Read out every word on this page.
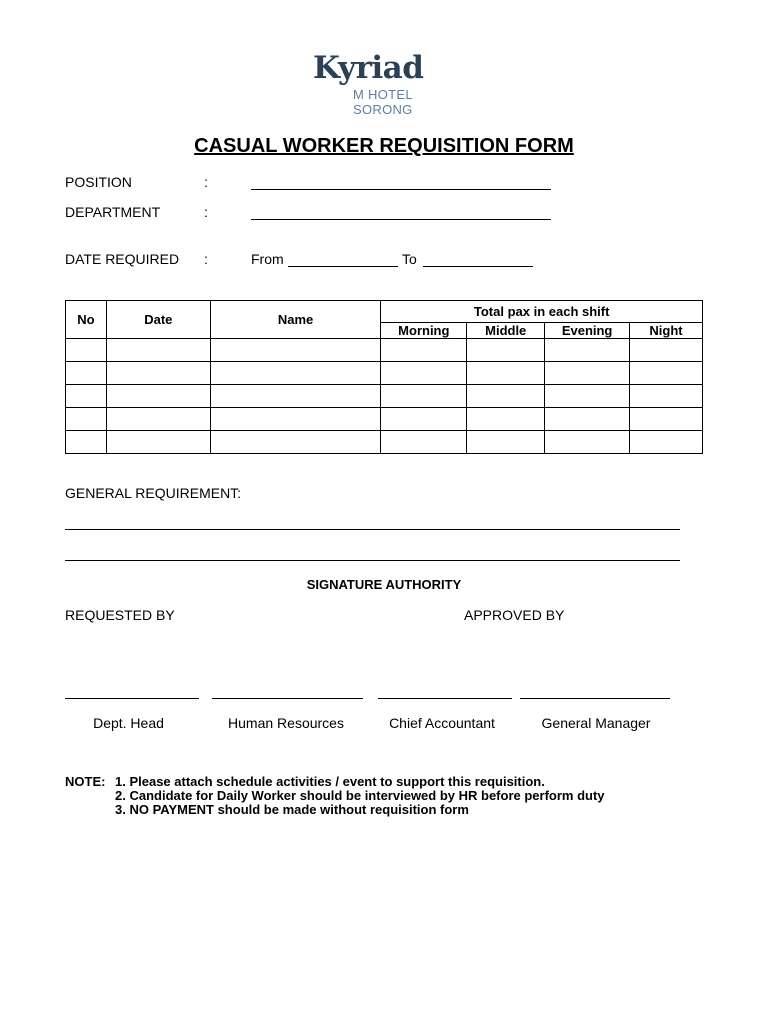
Kyriad
M HOTEL SORONG
CASUAL WORKER REQUISITION FORM
POSITION	:
DEPARTMENT	:
DATE REQUIRED :	From	To
No	Date	Name	Total pax in each shift			
			Morning	Middle	Evening	Night

GENERAL REQUIREMENT:
SIGNATURE AUTHORITY
REQUESTED BY	APPROVED BY
Dept. Head	Human Resources	Chief Accountant	General Manager
NOTE: 1. Please attach schedule activities / event to support this requisition.
2. Candidate for Daily Worker should be interviewed by HR before perform duty
3. NO PAYMENT should be made without requisition form
